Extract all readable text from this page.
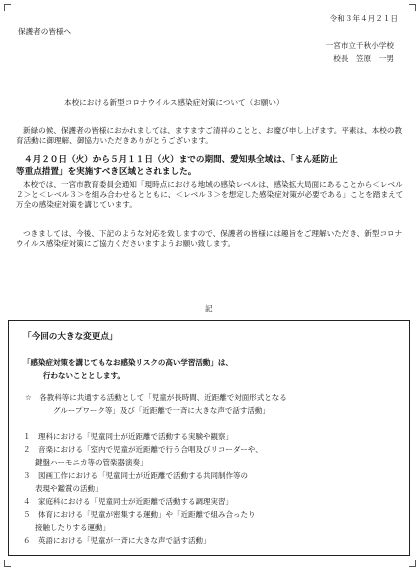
令和３年４月２１日
保護者の皆様へ
一宮市立千秋小学校
校長　笠原　一男
本校における新型コロナウイルス感染症対策について（お願い）
新緑の候、保護者の皆様におかれましては、ますますご清祥のことと、お慶び申し上げます。平素は、本校の教育活動に御理解、御協力いただきありがとうございます。
４月２０日（火）から５月１１日（火）までの期間、愛知県全域は、「まん延防止
等重点措置」を実施すべき区域とされました。
本校では、一宮市教育委員会通知「現時点における地域の感染レベルは、感染拡大局面にあることから＜レベル２＞と＜レベル３＞を組み合わせるとともに、＜レベル３＞を想定した感染症対策が必要である」ことを踏まえて万全の感染症対策を講じています。
つきましては、今後、下記のような対応を致しますので、保護者の皆様には趣旨をご理解いただき、新型コロナウイルス感染症対策にご協力くださいますようお願い致します。
記
「今回の大きな変更点」
「感染症対策を講じてもなお感染リスクの高い学習活動」は、
行わないこととします。
☆　各教科等に共通する活動として「児童が長時間、近距離で対面形式となる
グループワーク等」及び「近距離で一斉に大きな声で話す活動」
１　理科における「児童同士が近距離で活動する実験や観察」
２　音楽における「室内で児童が近距離で行う合唱及びリコーダーや、
鍵盤ハーモニカ等の管楽器演奏」
３　図画工作における「児童同士が近距離で活動する共同制作等の
表現や鑑賞の活動」
４　家庭科における「児童同士が近距離で活動する調理実習」
５　体育における「児童が密集する運動」や「近距離で組み合ったり
接触したりする運動」
６　英語における「児童が一斉に大きな声で話す活動」
